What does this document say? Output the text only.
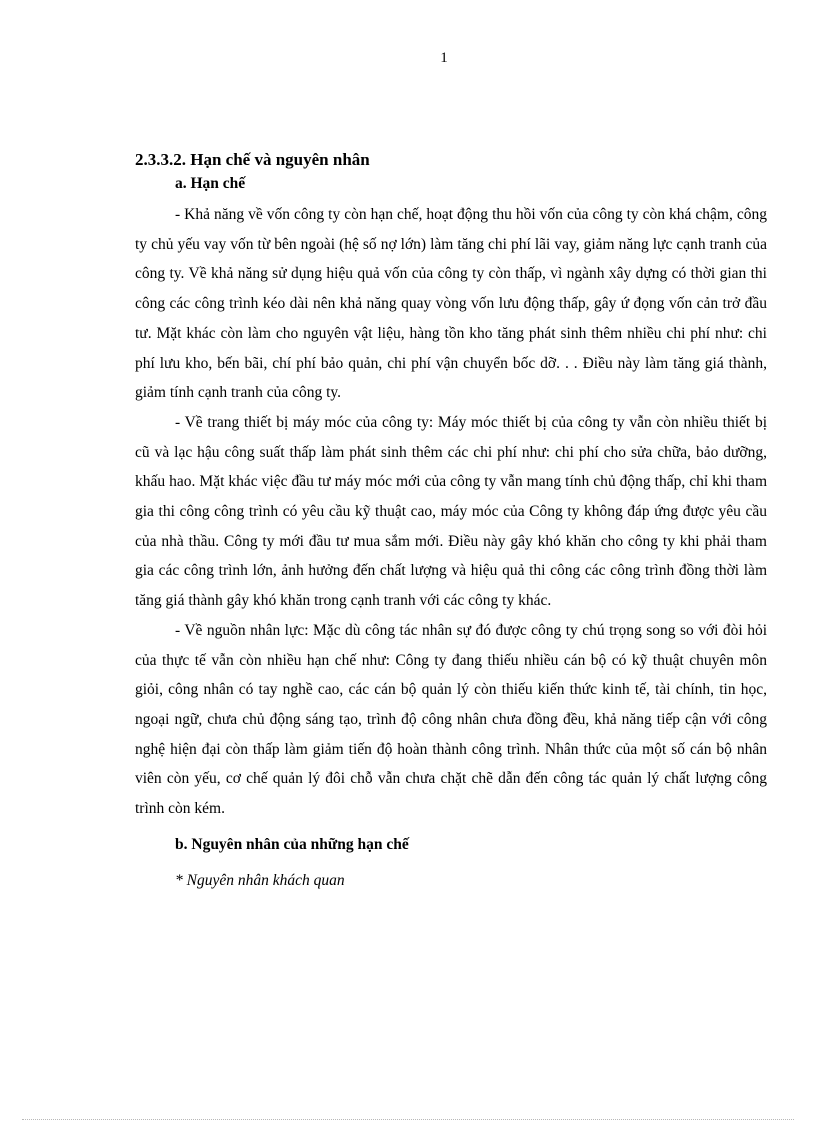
1
2.3.3.2. Hạn chế và nguyên nhân
a. Hạn chế

- Khả năng về vốn công ty còn hạn chế, hoạt động thu hồi vốn của công ty còn khá chậm, công ty chủ yếu vay vốn từ bên ngoài (hệ số nợ lớn) làm tăng chi phí lãi vay, giảm năng lực cạnh tranh của công ty. Về khả năng sử dụng hiệu quả vốn của công ty còn thấp, vì ngành xây dựng có thời gian thi công các công trình kéo dài nên khả năng quay vòng vốn lưu động thấp, gây ứ đọng vốn cản trở đầu tư. Mặt khác còn làm cho nguyên vật liệu, hàng tồn kho tăng phát sinh thêm nhiều chi phí như: chi phí lưu kho, bến bãi, chí phí bảo quản, chi phí vận chuyển bốc dỡ. . . Điều này làm tăng giá thành, giảm tính cạnh tranh của công ty.

- Về trang thiết bị máy móc của công ty: Máy móc thiết bị của công ty vẫn còn nhiều thiết bị cũ và lạc hậu công suất thấp làm phát sinh thêm các chi phí như: chi phí cho sửa chữa, bảo dưỡng, khấu hao. Mặt khác việc đầu tư máy móc mới của công ty vẫn mang tính chủ động thấp, chỉ khi tham gia thi công công trình có yêu cầu kỹ thuật cao, máy móc của Công ty không đáp ứng được yêu cầu của nhà thầu. Công ty mới đầu tư mua sắm mới. Điều này gây khó khăn cho công ty khi phải tham gia các công trình lớn, ảnh hưởng đến chất lượng và hiệu quả thi công các công trình đồng thời làm tăng giá thành gây khó khăn trong cạnh tranh với các công ty khác.

- Về nguồn nhân lực: Mặc dù công tác nhân sự đó được công ty chú trọng song so với đòi hỏi của thực tế vẫn còn nhiều hạn chế như: Công ty đang thiếu nhiều cán bộ có kỹ thuật chuyên môn giỏi, công nhân có tay nghề cao, các cán bộ quản lý còn thiếu kiến thức kinh tế, tài chính, tin học, ngoại ngữ, chưa chủ động sáng tạo, trình độ công nhân chưa đồng đều, khả năng tiếp cận với công nghệ hiện đại còn thấp làm giảm tiến độ hoàn thành công trình. Nhân thức của một số cán bộ nhân viên còn yếu, cơ chế quản lý đôi chỗ vẫn chưa chặt chẽ dẫn đến công tác quản lý chất lượng công trình còn kém.

b. Nguyên nhân của những hạn chế

* Nguyên nhân khách quan
